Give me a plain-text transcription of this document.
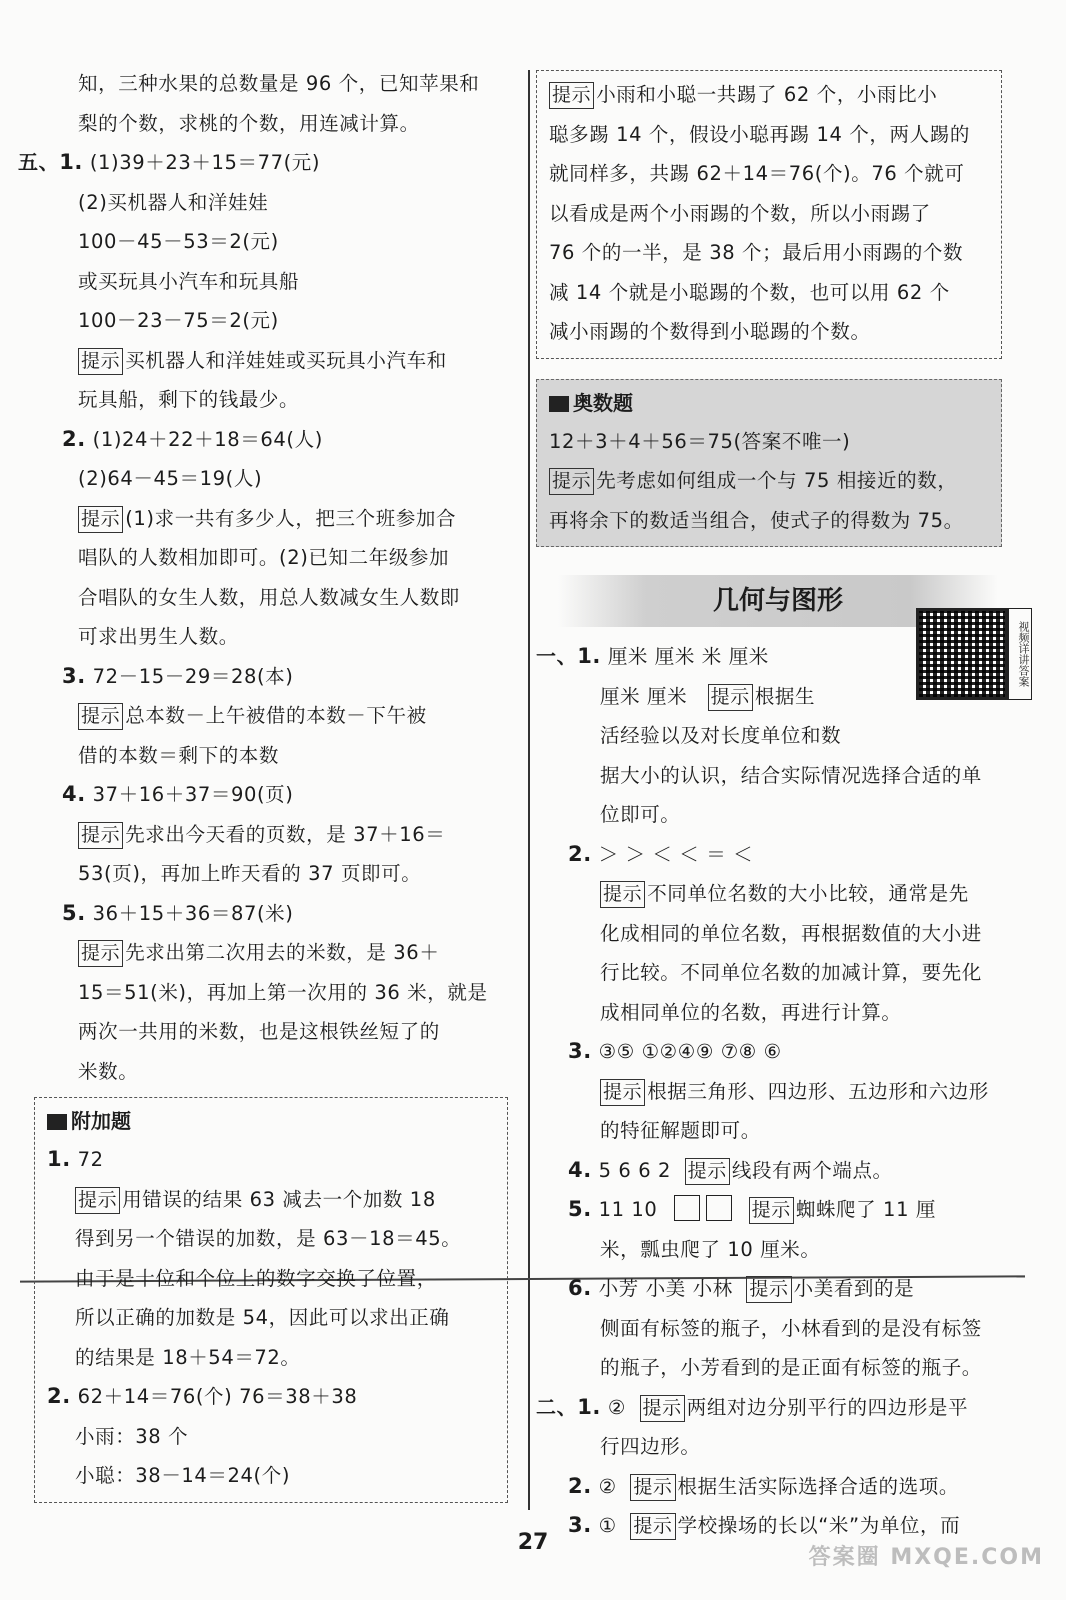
知，三种水果的总数量是 96 个，已知苹果和
梨的个数，求桃的个数，用连减计算。
五、1. (1)39＋23＋15＝77(元)
(2)买机器人和洋娃娃
100－45－53＝2(元)
或买玩具小汽车和玩具船
100－23－75＝2(元)
提示 买机器人和洋娃娃或买玩具小汽车和
玩具船，剩下的钱最少。
2. (1)24＋22＋18＝64(人)
(2)64－45＝19(人)
提示 (1)求一共有多少人，把三个班参加合
唱队的人数相加即可。(2)已知二年级参加
合唱队的女生人数，用总人数减女生人数即
可求出男生人数。
3. 72－15－29＝28(本)
提示 总本数－上午被借的本数－下午被
借的本数＝剩下的本数
4. 37＋16＋37＝90(页)
提示 先求出今天看的页数，是 37＋16＝
53(页)，再加上昨天看的 37 页即可。
5. 36＋15＋36＝87(米)
提示 先求出第二次用去的米数，是 36＋
15＝51(米)，再加上第一次用的 36 米，就是
两次一共用的米数，也是这根铁丝短了的
米数。
附加题
1. 72
提示 用错误的结果 63 减去一个加数 18
得到另一个错误的加数，是 63－18＝45。
由于是十位和个位上的数字交换了位置，
所以正确的加数是 54，因此可以求出正确
的结果是 18＋54＝72。
2. 62＋14＝76(个) 76＝38＋38
小雨：38 个
小聪：38－14＝24(个)
提示 小雨和小聪一共踢了 62 个，小雨比小
聪多踢 14 个，假设小聪再踢 14 个，两人踢的
就同样多，共踢 62＋14＝76(个)。76 个就可
以看成是两个小雨踢的个数，所以小雨踢了
76 个的一半，是 38 个；最后用小雨踢的个数
减 14 个就是小聪踢的个数，也可以用 62 个
减小雨踢的个数得到小聪踢的个数。
奥数题
12＋3＋4＋56＝75(答案不唯一)
提示 先考虑如何组成一个与 75 相接近的数，
再将余下的数适当组合，使式子的得数为 75。
几何与图形
视频详讲答案
一、1. 厘米 厘米 米 厘米
厘米 厘米 提示 根据生
活经验以及对长度单位和数
据大小的认识，结合实际情况选择合适的单
位即可。
2. ＞ ＞ ＜ ＜ ＝ ＜
提示 不同单位名数的大小比较，通常是先
化成相同的单位名数，再根据数值的大小进
行比较。不同单位名数的加减计算，要先化
成相同单位的名数，再进行计算。
3. ③⑤ ①②④⑨ ⑦⑧ ⑥
提示 根据三角形、四边形、五边形和六边形
的特征解题即可。
4. 5 6 6 2 提示 线段有两个端点。
5. 11 10	提示 蜘蛛爬了 11 厘
米，瓢虫爬了 10 厘米。
6. 小芳 小美 小林 提示 小美看到的是
侧面有标签的瓶子，小林看到的是没有标签
的瓶子，小芳看到的是正面有标签的瓶子。
二、1. ② 提示 两组对边分别平行的四边形是平
行四边形。
2. ② 提示 根据生活实际选择合适的选项。
3. ① 提示 学校操场的长以“米”为单位，而
27
答案圈 MXQE.COM
